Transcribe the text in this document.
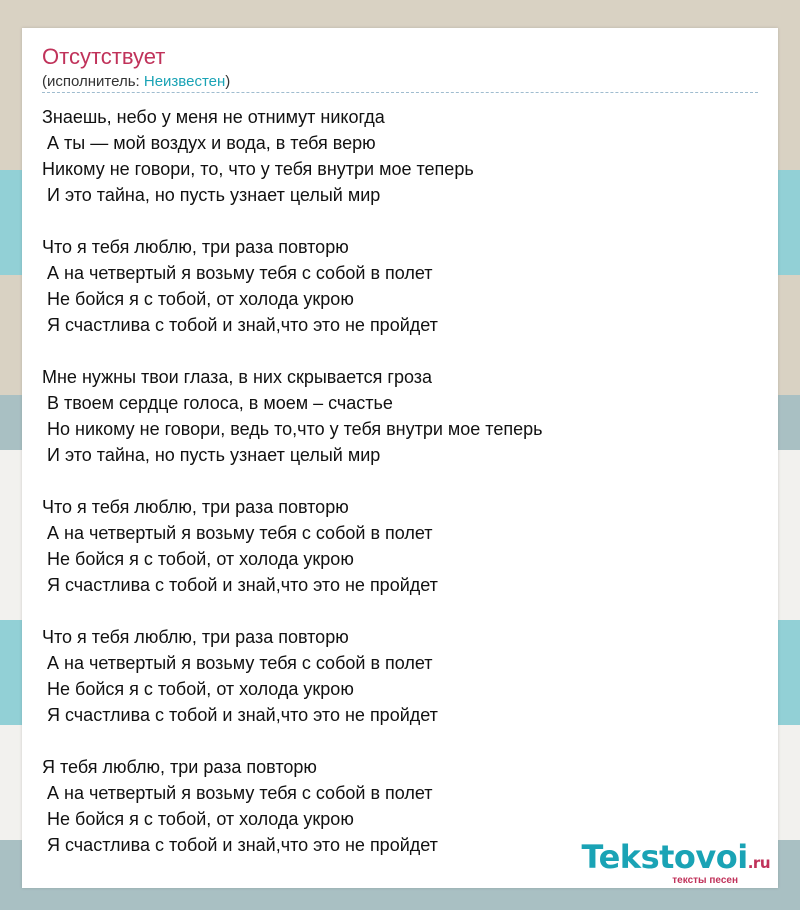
Отсутствует
(исполнитель: Неизвестен)
Знаешь, небо у меня не отнимут никогда
А ты — мой воздух и вода, в тебя верю
Никому не говори, то, что у тебя внутри мое теперь
И это тайна, но пусть узнает целый мир
Что я тебя люблю, три раза повторю
А на четвертый я возьму тебя с собой в полет
Не бойся я с тобой, от холода укрою
Я счастлива с тобой и знай,что это не пройдет
Мне нужны твои глаза, в них скрывается гроза
В твоем сердце голоса, в моем – счастье
Но никому не говори, ведь то,что у тебя внутри мое теперь
И это тайна, но пусть узнает целый мир
Что я тебя люблю, три раза повторю
А на четвертый я возьму тебя с собой в полет
Не бойся я с тобой, от холода укрою
Я счастлива с тобой и знай,что это не пройдет
Что я тебя люблю, три раза повторю
А на четвертый я возьму тебя с собой в полет
Не бойся я с тобой, от холода укрою
Я счастлива с тобой и знай,что это не пройдет
Я тебя люблю, три раза повторю
А на четвертый я возьму тебя с собой в полет
Не бойся я с тобой, от холода укрою
Я счастлива с тобой и знай,что это не пройдет	Tekstovoi.ru
тексты песен
